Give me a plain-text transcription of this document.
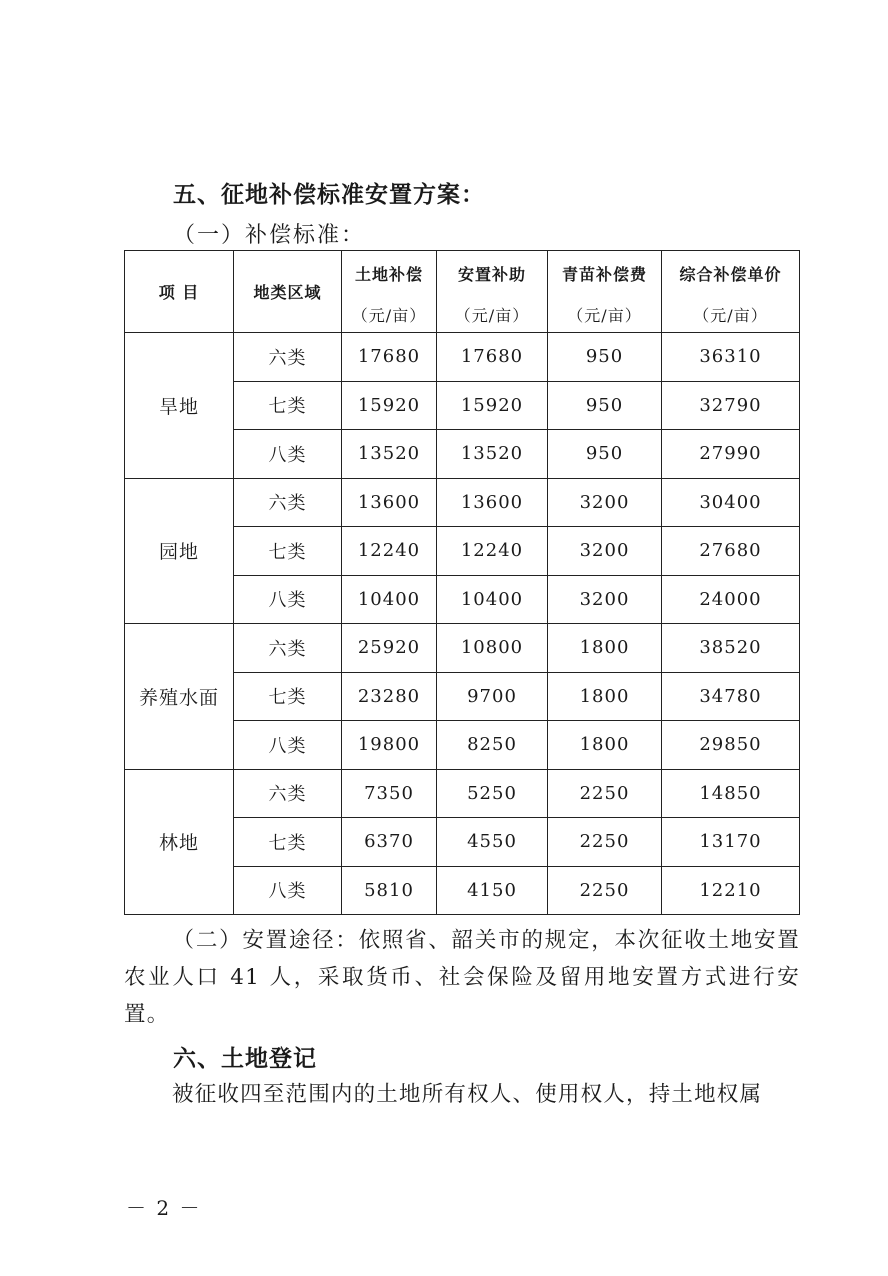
五、征地补偿标准安置方案：
（一）补偿标准：
项 目	地类区域	土地补偿	安置补助	青苗补偿费	综合补偿单价
		（元/亩）	（元/亩）	（元/亩）	（元/亩）
旱地	六类	17680	17680	950	36310
	七类	15920	15920	950	32790
	八类	13520	13520	950	27990
园地	六类	13600	13600	3200	30400
	七类	12240	12240	3200	27680
	八类	10400	10400	3200	24000
养殖水面	六类	25920	10800	1800	38520
	七类	23280	9700	1800	34780
	八类	19800	8250	1800	29850
林地	六类	7350	5250	2250	14850
	七类	6370	4550	2250	13170
	八类	5810	4150	2250	12210
（二）安置途径：依照省、韶关市的规定，本次征收土地安置农业人口 41 人，采取货币、社会保险及留用地安置方式进行安置。
六、土地登记
被征收四至范围内的土地所有权人、使用权人，持土地权属
－ 2 －
